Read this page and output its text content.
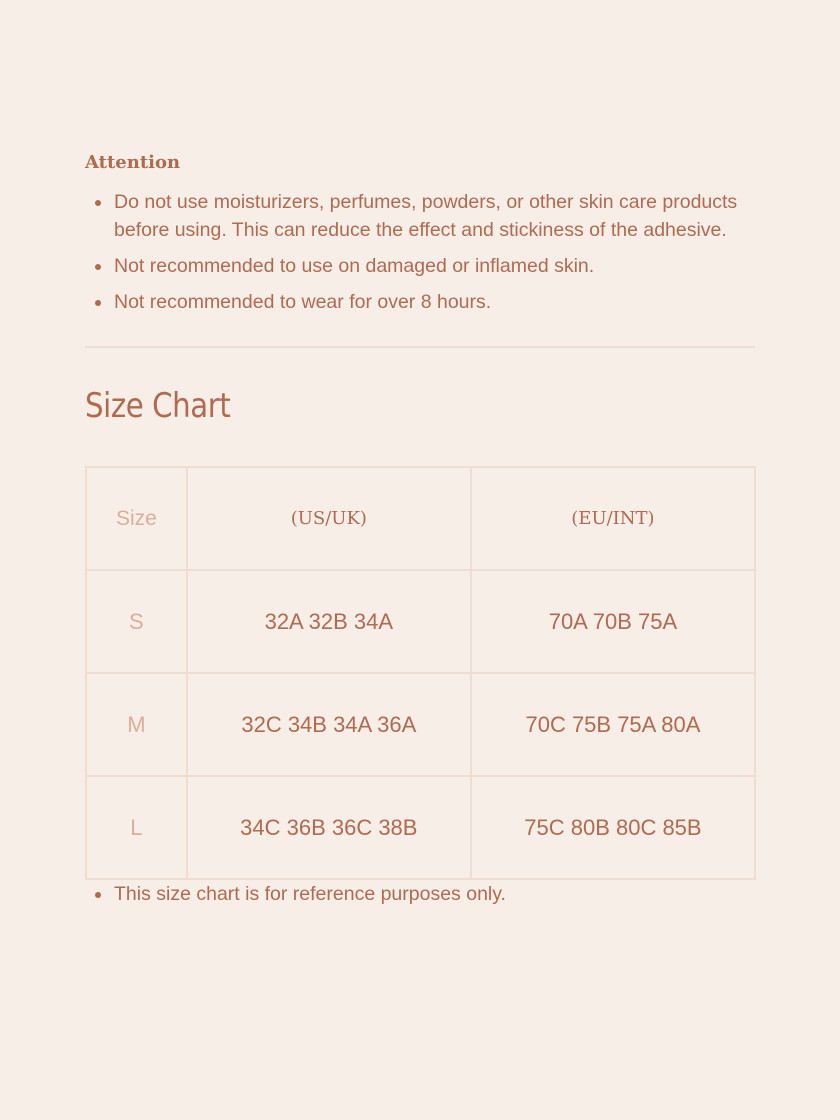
Attention
Do not use moisturizers, perfumes, powders, or other skin care products before using. This can reduce the effect and stickiness of the adhesive.
Not recommended to use on damaged or inflamed skin.
Not recommended to wear for over 8 hours.
Size Chart
Size	(US/UK)	(EU/INT)
S	32A 32B 34A	70A 70B 75A
M	32C 34B 34A 36A	70C 75B 75A 80A
L	34C 36B 36C 38B	75C 80B 80C 85B
This size chart is for reference purposes only.
